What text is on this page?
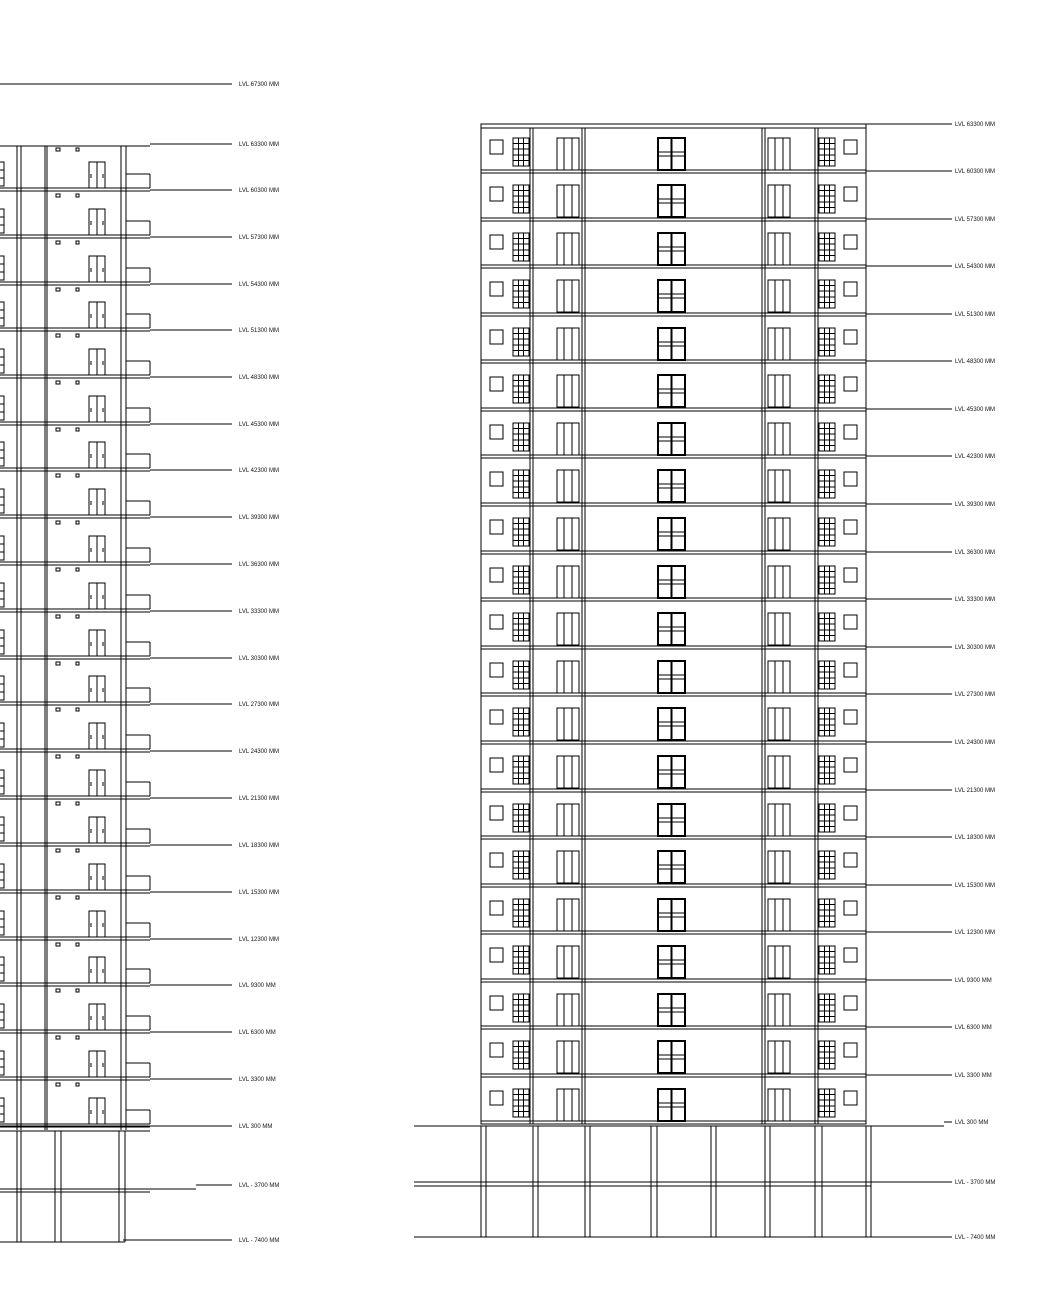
LVL 67300 MM
LVL 63300 MM
LVL 60300 MM
LVL 57300 MM
LVL 54300 MM
LVL 51300 MM
LVL 48300 MM
LVL 45300 MM
LVL 42300 MM
LVL 39300 MM
LVL 36300 MM
LVL 33300 MM
LVL 30300 MM
LVL 27300 MM
LVL 24300 MM
LVL 21300 MM
LVL 18300 MM
LVL 15300 MM
LVL 12300 MM
LVL 9300 MM
LVL 6300 MM
LVL 3300 MM
LVL 300 MM
LVL - 3700 MM
LVL - 7400 MM
LVL 63300 MM
LVL 60300 MM
LVL 57300 MM
LVL 54300 MM
LVL 51300 MM
LVL 48300 MM
LVL 45300 MM
LVL 42300 MM
LVL 39300 MM
LVL 36300 MM
LVL 33300 MM
LVL 30300 MM
LVL 27300 MM
LVL 24300 MM
LVL 21300 MM
LVL 18300 MM
LVL 15300 MM
LVL 12300 MM
LVL 9300 MM
LVL 6300 MM
LVL 3300 MM
LVL 300 MM
LVL - 3700 MM
LVL - 7400 MM
